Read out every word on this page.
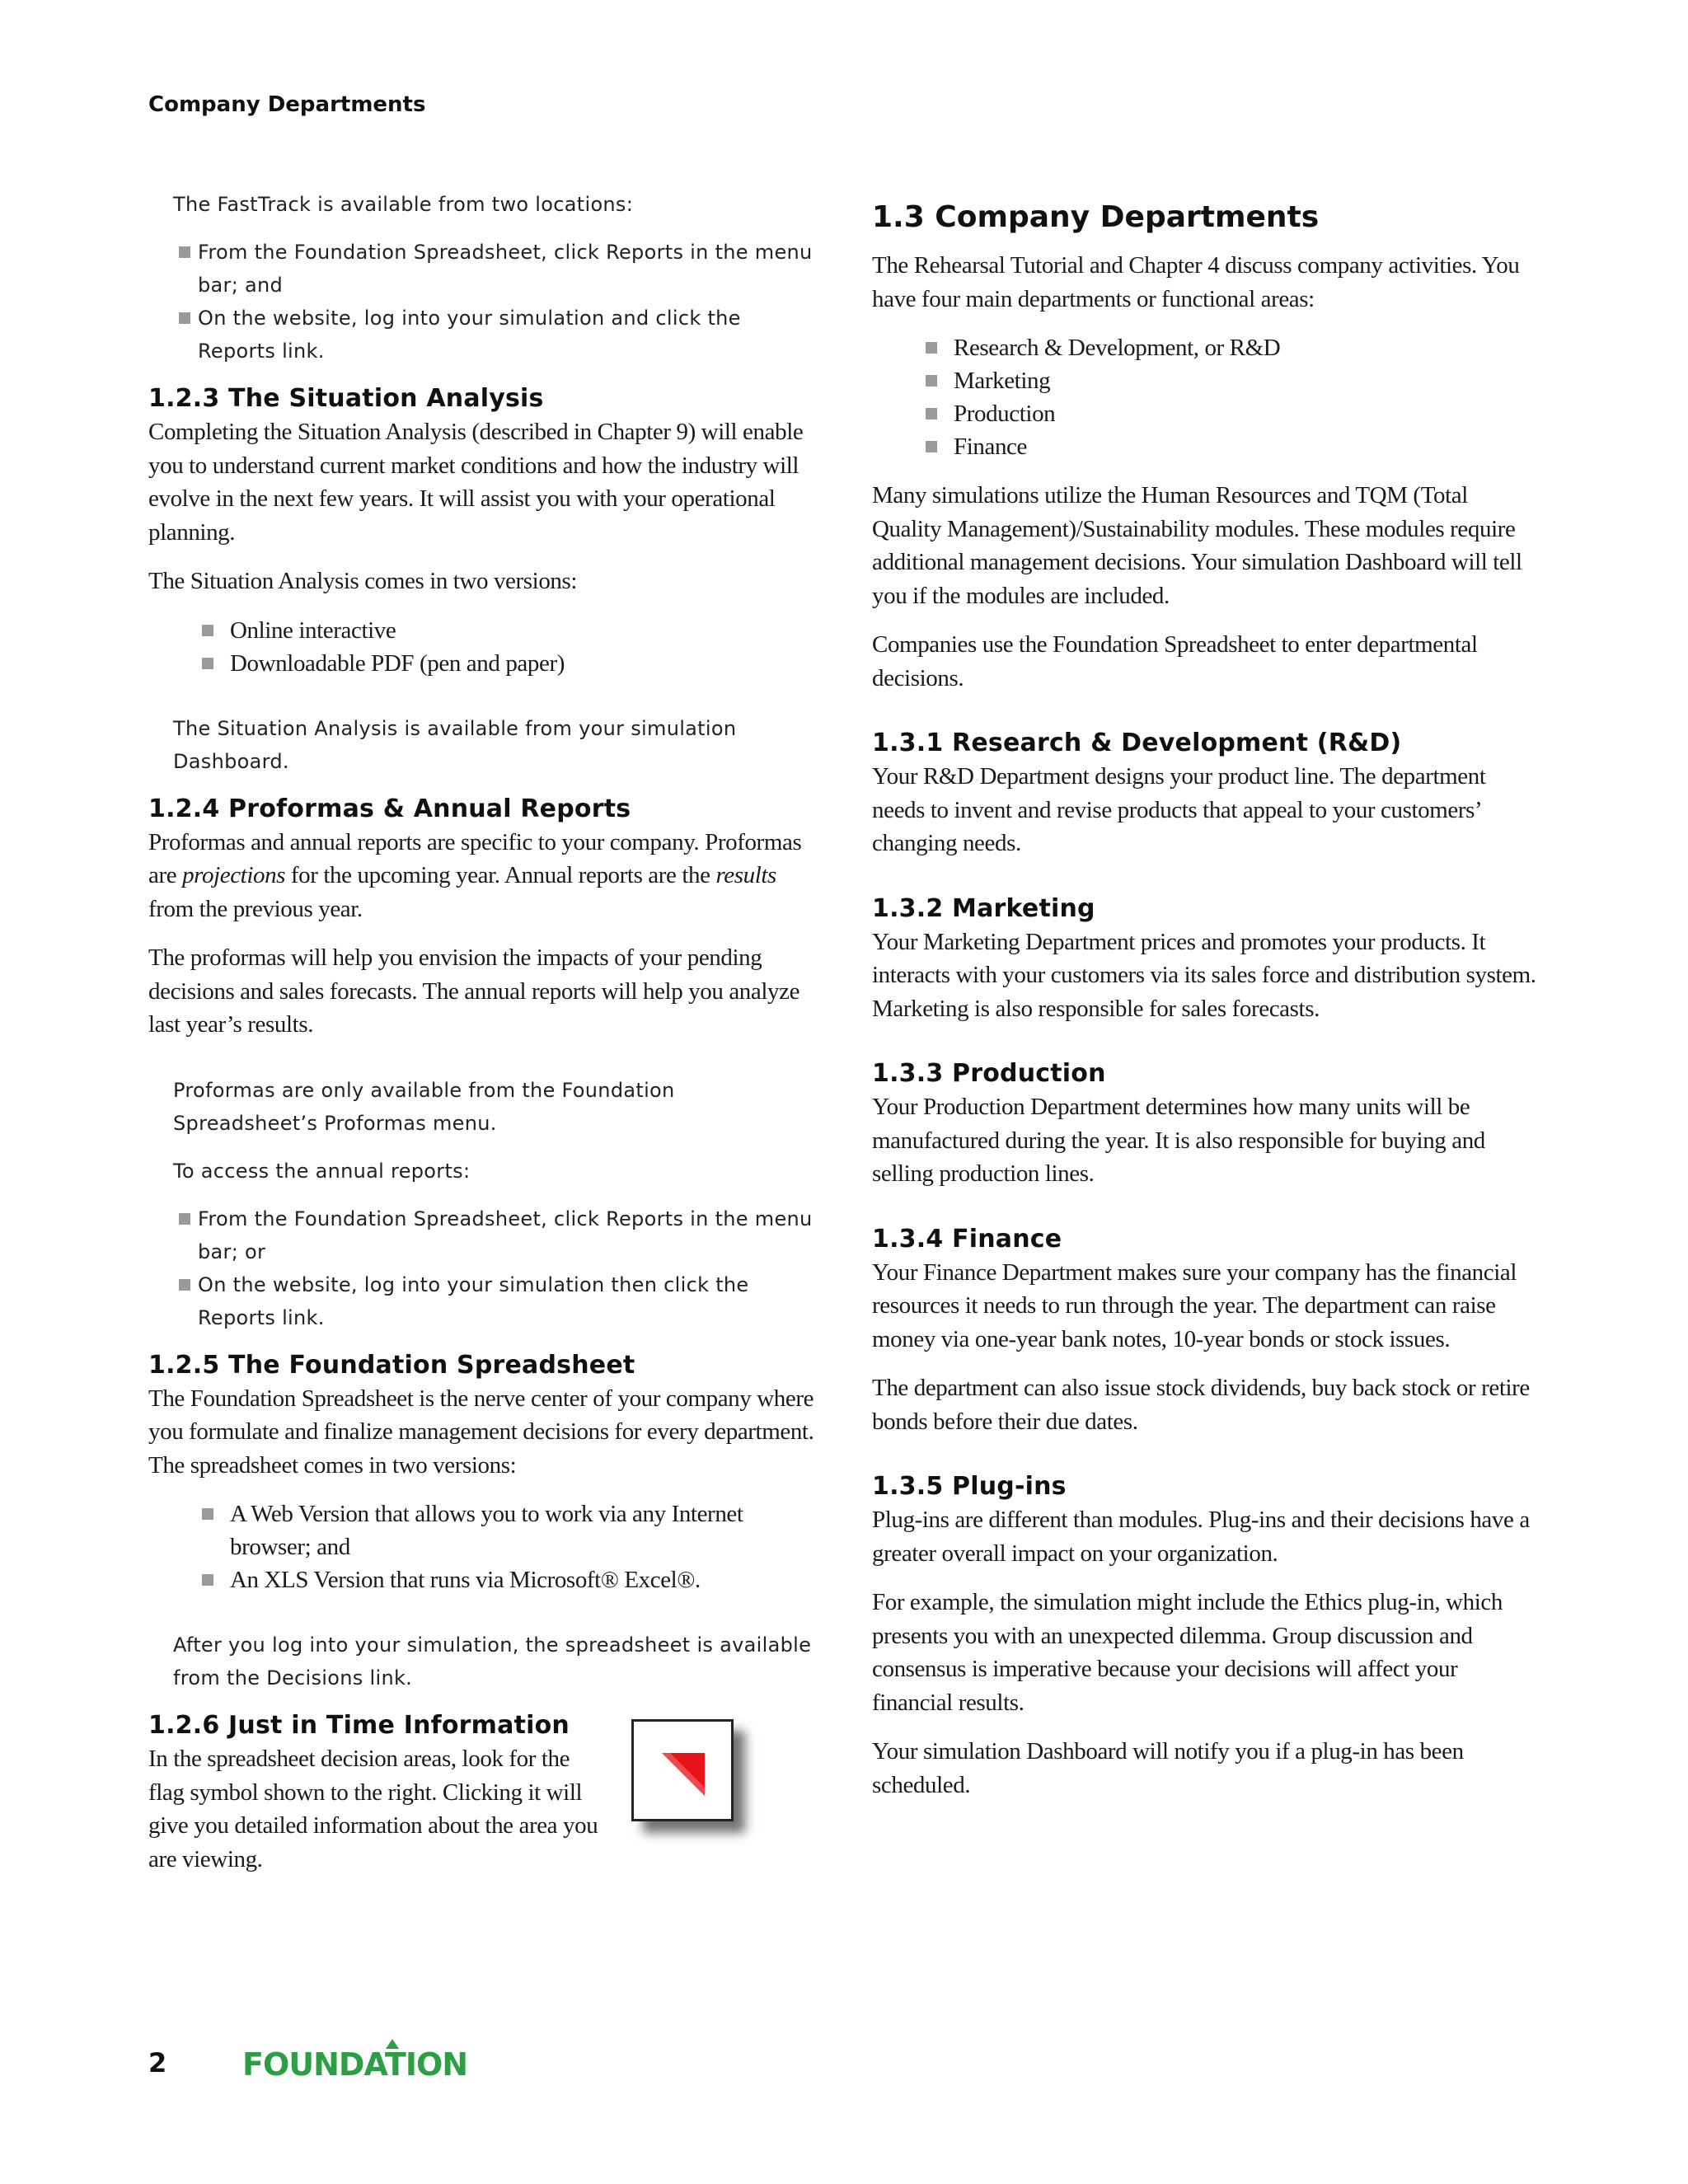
Company Departments

The FastTrack is available from two locations:

From the Foundation Spreadsheet, click Reports in the menu bar; and
On the website, log into your simulation and click the Reports link.
1.2.3 The Situation Analysis

Completing the Situation Analysis (described in Chapter 9) will enable you to understand current market conditions and how the industry will evolve in the next few years. It will assist you with your operational planning.

The Situation Analysis comes in two versions:

Online interactive
Downloadable PDF (pen and paper)

The Situation Analysis is available from your simulation Dashboard.

1.2.4 Proformas & Annual Reports

Proformas and annual reports are specific to your company. Proformas are projections for the upcoming year. Annual reports are the results from the previous year.

The proformas will help you envision the impacts of your pending decisions and sales forecasts. The annual reports will help you analyze last year’s results.

Proformas are only available from the Foundation Spreadsheet’s Proformas menu.

To access the annual reports:

From the Foundation Spreadsheet, click Reports in the menu bar; or
On the website, log into your simulation then click the Reports link.
1.2.5 The Foundation Spreadsheet

The Foundation Spreadsheet is the nerve center of your company where you formulate and finalize management decisions for every department. The spreadsheet comes in two versions:

A Web Version that allows you to work via any Internet browser; and
An XLS Version that runs via Microsoft® Excel®.

After you log into your simulation, the spreadsheet is available from the Decisions link.

1.2.6 Just in Time Information

In the spreadsheet decision areas, look for the flag symbol shown to the right. Clicking it will give you detailed information about the area you are viewing.

1.3 Company Departments

The Rehearsal Tutorial and Chapter 4 discuss company activities. You have four main departments or functional areas:

Research & Development, or R&D
Marketing
Production
Finance

Many simulations utilize the Human Resources and TQM (Total Quality Management)/Sustainability modules. These modules require additional management decisions. Your simulation Dashboard will tell you if the modules are included.

Companies use the Foundation Spreadsheet to enter departmental decisions.

1.3.1 Research & Development (R&D)

Your R&D Department designs your product line. The department needs to invent and revise products that appeal to your customers’ changing needs.

1.3.2 Marketing

Your Marketing Department prices and promotes your products. It interacts with your customers via its sales force and distribution system. Marketing is also responsible for sales forecasts.

1.3.3 Production

Your Production Department determines how many units will be manufactured during the year. It is also responsible for buying and selling production lines.

1.3.4 Finance

Your Finance Department makes sure your company has the financial resources it needs to run through the year. The department can raise money via one-year bank notes, 10-year bonds or stock issues.

The department can also issue stock dividends, buy back stock or retire bonds before their due dates.

1.3.5 Plug-ins

Plug-ins are different than modules. Plug-ins and their decisions have a greater overall impact on your organization.

For example, the simulation might include the Ethics plug-in, which presents you with an unexpected dilemma. Group discussion and consensus is imperative because your decisions will affect your financial results.

Your simulation Dashboard will notify you if a plug-in has been scheduled.

2 FOUNDATION
